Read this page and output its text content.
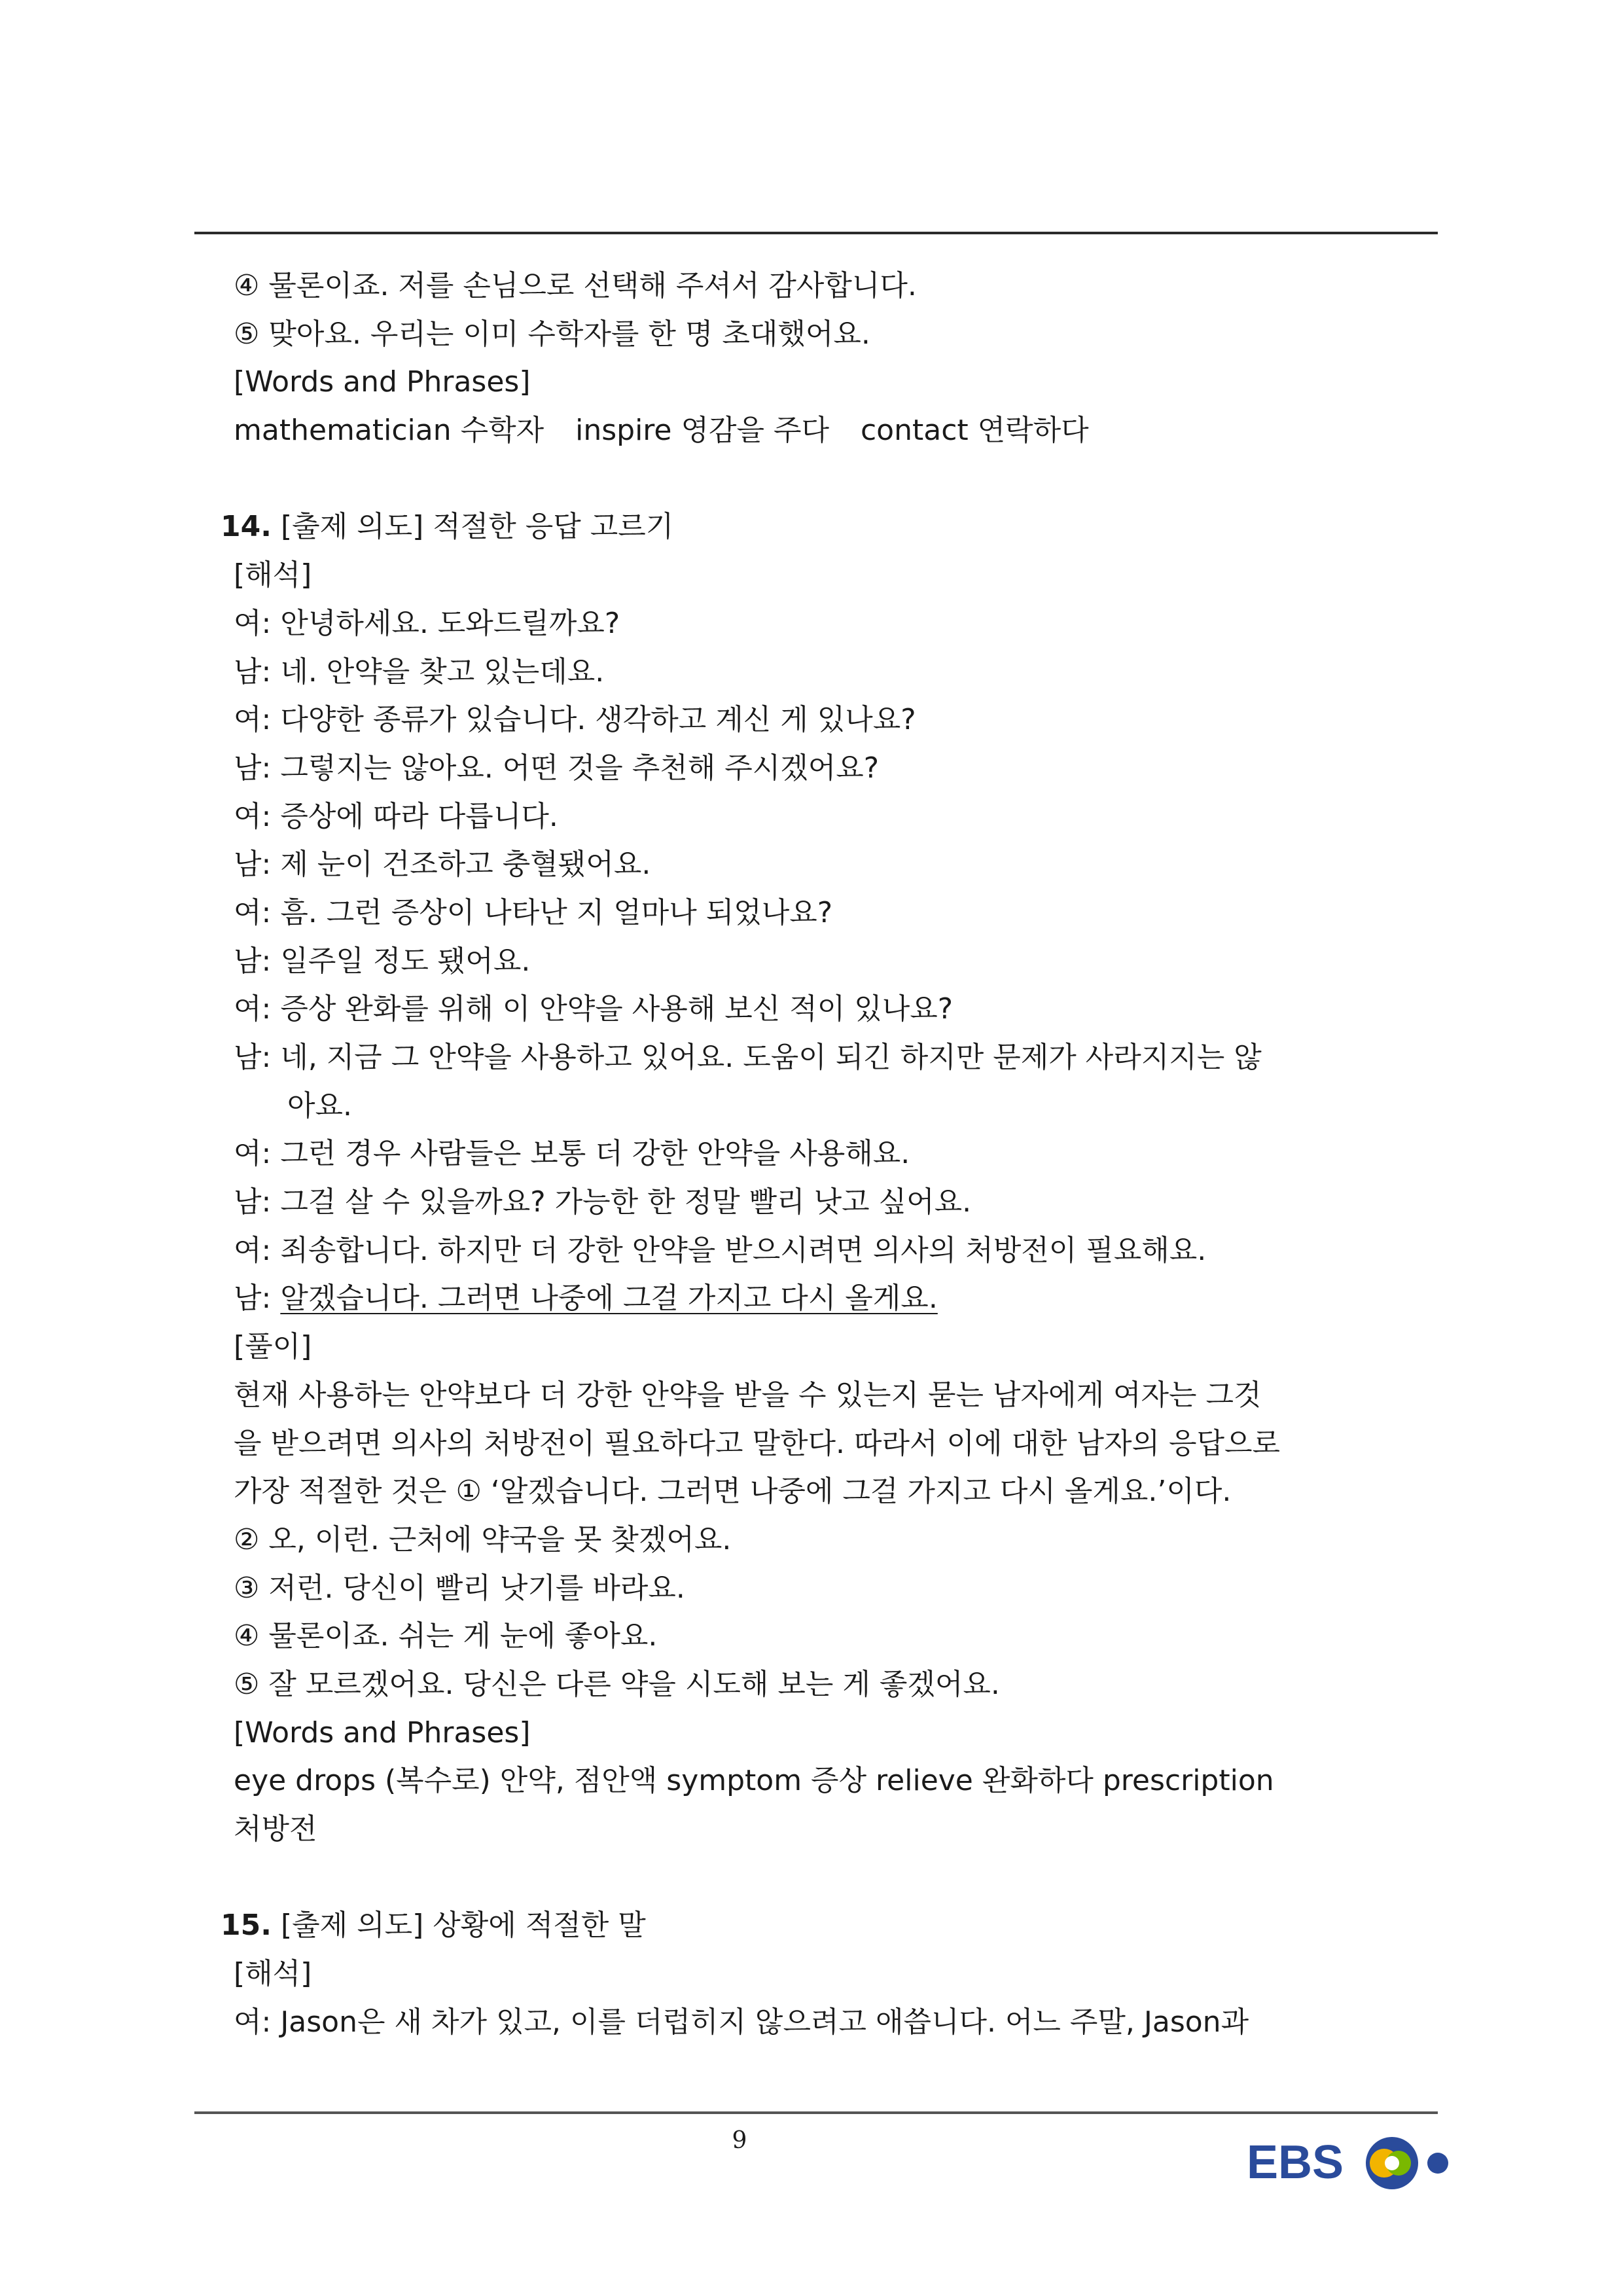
④ 물론이죠. 저를 손님으로 선택해 주셔서 감사합니다.
⑤ 맞아요. 우리는 이미 수학자를 한 명 초대했어요.
[Words and Phrases]
mathematician 수학자 inspire 영감을 주다 contact 연락하다
14. [출제 의도] 적절한 응답 고르기
[해석]
여: 안녕하세요. 도와드릴까요?
남: 네. 안약을 찾고 있는데요.
여: 다양한 종류가 있습니다. 생각하고 계신 게 있나요?
남: 그렇지는 않아요. 어떤 것을 추천해 주시겠어요?
여: 증상에 따라 다릅니다.
남: 제 눈이 건조하고 충혈됐어요.
여: 흠. 그런 증상이 나타난 지 얼마나 되었나요?
남: 일주일 정도 됐어요.
여: 증상 완화를 위해 이 안약을 사용해 보신 적이 있나요?
남: 네, 지금 그 안약을 사용하고 있어요. 도움이 되긴 하지만 문제가 사라지지는 않
아요.
여: 그런 경우 사람들은 보통 더 강한 안약을 사용해요.
남: 그걸 살 수 있을까요? 가능한 한 정말 빨리 낫고 싶어요.
여: 죄송합니다. 하지만 더 강한 안약을 받으시려면 의사의 처방전이 필요해요.
남: 알겠습니다. 그러면 나중에 그걸 가지고 다시 올게요.
[풀이]
현재 사용하는 안약보다 더 강한 안약을 받을 수 있는지 묻는 남자에게 여자는 그것
을 받으려면 의사의 처방전이 필요하다고 말한다. 따라서 이에 대한 남자의 응답으로
가장 적절한 것은 ① ‘알겠습니다. 그러면 나중에 그걸 가지고 다시 올게요.’이다.
② 오, 이런. 근처에 약국을 못 찾겠어요.
③ 저런. 당신이 빨리 낫기를 바라요.
④ 물론이죠. 쉬는 게 눈에 좋아요.
⑤ 잘 모르겠어요. 당신은 다른 약을 시도해 보는 게 좋겠어요.
[Words and Phrases]
eye drops (복수로) 안약, 점안액 symptom 증상 relieve 완화하다 prescription
처방전
15. [출제 의도] 상황에 적절한 말
[해석]
여: Jason은 새 차가 있고, 이를 더럽히지 않으려고 애씁니다. 어느 주말, Jason과
9	EBS
